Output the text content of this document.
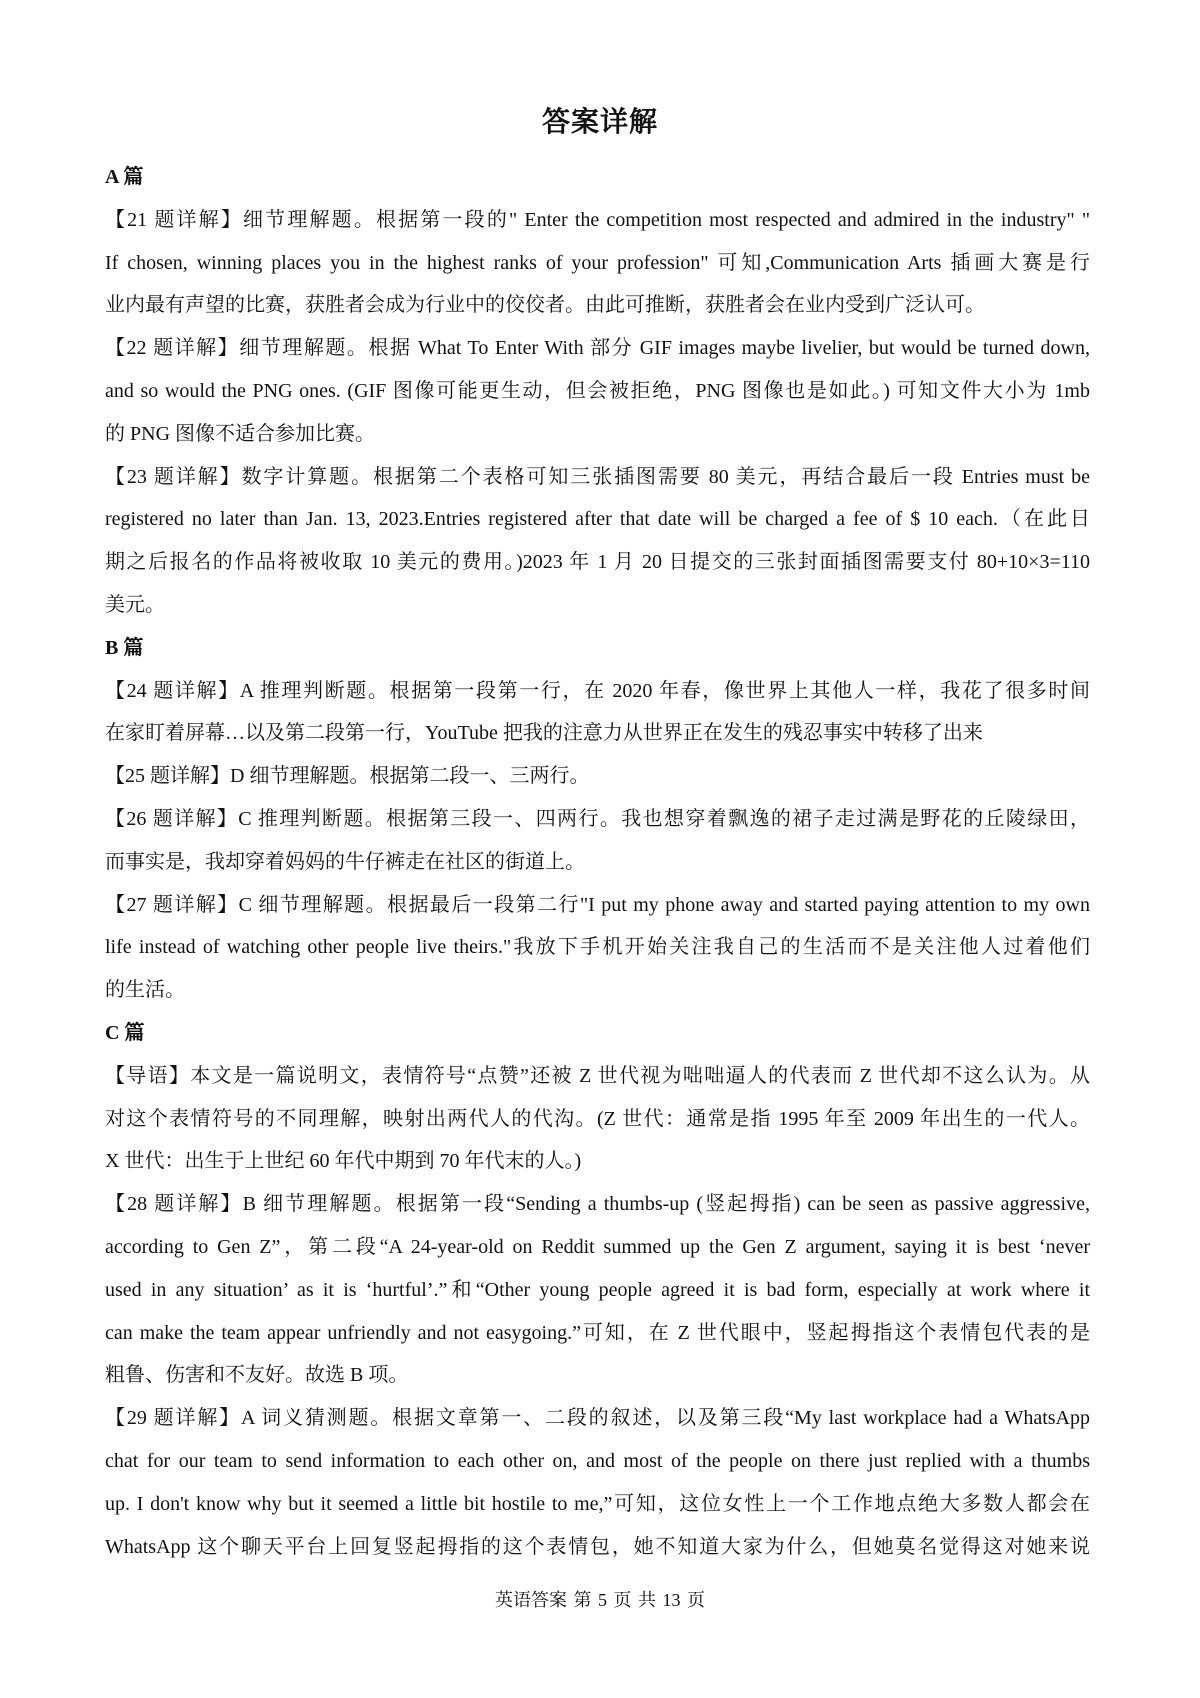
答案详解
A 篇
【21 题详解】细节理解题。根据第一段的" Enter the competition most respected and admired in the industry" "
If chosen, winning places you in the highest ranks of your profession" 可知,Communication Arts 插画大赛是行
业内最有声望的比赛，获胜者会成为行业中的佼佼者。由此可推断，获胜者会在业内受到广泛认可。
【22 题详解】细节理解题。根据 What To Enter With 部分 GIF images maybe livelier, but would be turned down,
and so would the PNG ones. (GIF 图像可能更生动，但会被拒绝，PNG 图像也是如此。) 可知文件大小为 1mb
的 PNG 图像不适合参加比赛。
【23 题详解】数字计算题。根据第二个表格可知三张插图需要 80 美元，再结合最后一段 Entries must be
registered no later than Jan. 13, 2023.Entries registered after that date will be charged a fee of $ 10 each.（在此日
期之后报名的作品将被收取 10 美元的费用。)2023 年 1 月 20 日提交的三张封面插图需要支付 80+10×3=110
美元。
B 篇
【24 题详解】A 推理判断题。根据第一段第一行，在 2020 年春，像世界上其他人一样，我花了很多时间
在家盯着屏幕…以及第二段第一行，YouTube 把我的注意力从世界正在发生的残忍事实中转移了出来
【25 题详解】D 细节理解题。根据第二段一、三两行。
【26 题详解】C 推理判断题。根据第三段一、四两行。我也想穿着飘逸的裙子走过满是野花的丘陵绿田，
而事实是，我却穿着妈妈的牛仔裤走在社区的街道上。
【27 题详解】C 细节理解题。根据最后一段第二行"I put my phone away and started paying attention to my own
life instead of watching other people live theirs."我放下手机开始关注我自己的生活而不是关注他人过着他们
的生活。
C 篇
【导语】本文是一篇说明文，表情符号“点赞”还被 Z 世代视为咄咄逼人的代表而 Z 世代却不这么认为。从
对这个表情符号的不同理解，映射出两代人的代沟。(Z 世代：通常是指 1995 年至 2009 年出生的一代人。
X 世代：出生于上世纪 60 年代中期到 70 年代末的人。)
【28 题详解】B 细节理解题。根据第一段“Sending a thumbs-up (竖起拇指) can be seen as passive aggressive,
according to Gen Z”，第二段“A 24-year-old on Reddit summed up the Gen Z argument, saying it is best ‘never
used in any situation’ as it is ‘hurtful’.”和“Other young people agreed it is bad form, especially at work where it
can make the team appear unfriendly and not easygoing.”可知，在 Z 世代眼中，竖起拇指这个表情包代表的是
粗鲁、伤害和不友好。故选 B 项。
【29 题详解】A 词义猜测题。根据文章第一、二段的叙述，以及第三段“My last workplace had a WhatsApp
chat for our team to send information to each other on, and most of the people on there just replied with a thumbs
up. I don't know why but it seemed a little bit hostile to me,”可知，这位女性上一个工作地点绝大多数人都会在
WhatsApp 这个聊天平台上回复竖起拇指的这个表情包，她不知道大家为什么，但她莫名觉得这对她来说
英语答案 第 5 页 共 13 页
